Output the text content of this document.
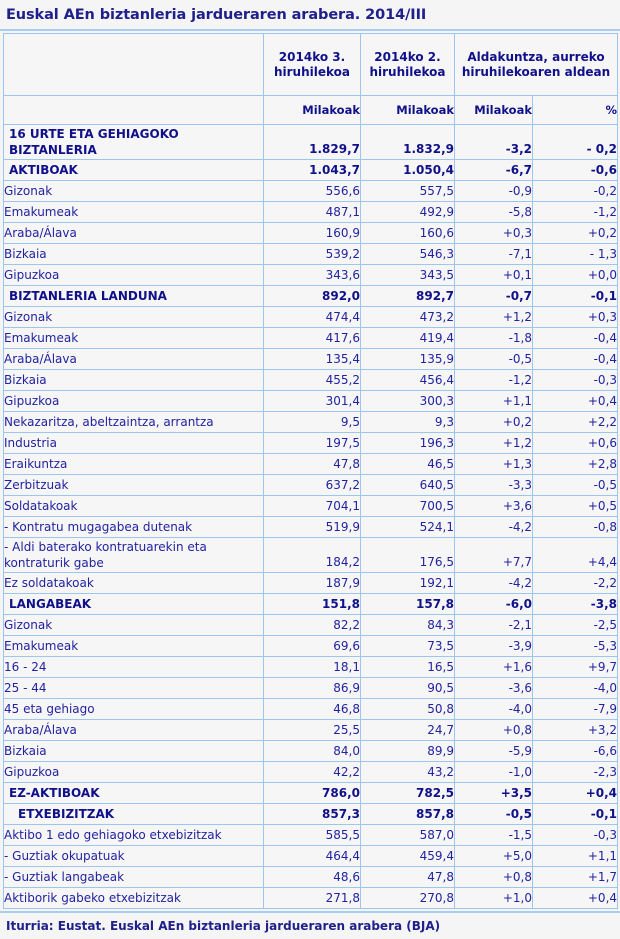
Euskal AEn biztanleria jardueraren arabera. 2014/III
	2014ko 3. hiruhilekoa	2014ko 2. hiruhilekoa	Aldakuntza, aurreko hiruhilekoaren aldean	
	Milakoak	Milakoak	Milakoak	%

16 URTE ETA GEHIAGOKO
BIZTANLERIA	1.829,7	1.832,9	-3,2	- 0,2
AKTIBOAK	1.043,7	1.050,4	-6,7	-0,6
Gizonak	556,6	557,5	-0,9	-0,2
Emakumeak	487,1	492,9	-5,8	-1,2
Araba/Álava	160,9	160,6	+0,3	+0,2
Bizkaia	539,2	546,3	-7,1	- 1,3
Gipuzkoa	343,6	343,5	+0,1	+0,0
BIZTANLERIA LANDUNA	892,0	892,7	-0,7	-0,1
Gizonak	474,4	473,2	+1,2	+0,3
Emakumeak	417,6	419,4	-1,8	-0,4
Araba/Álava	135,4	135,9	-0,5	-0,4
Bizkaia	455,2	456,4	-1,2	-0,3
Gipuzkoa	301,4	300,3	+1,1	+0,4
Nekazaritza, abeltzaintza, arrantza	9,5	9,3	+0,2	+2,2
Industria	197,5	196,3	+1,2	+0,6
Eraikuntza	47,8	46,5	+1,3	+2,8
Zerbitzuak	637,2	640,5	-3,3	-0,5
Soldatakoak	704,1	700,5	+3,6	+0,5
- Kontratu mugagabea dutenak	519,9	524,1	-4,2	-0,8

- Aldi baterako kontratuarekin eta
kontraturik gabe	184,2	176,5	+7,7	+4,4
Ez soldatakoak	187,9	192,1	-4,2	-2,2
LANGABEAK	151,8	157,8	-6,0	-3,8
Gizonak	82,2	84,3	-2,1	-2,5
Emakumeak	69,6	73,5	-3,9	-5,3
16 - 24	18,1	16,5	+1,6	+9,7
25 - 44	86,9	90,5	-3,6	-4,0
45 eta gehiago	46,8	50,8	-4,0	-7,9
Araba/Álava	25,5	24,7	+0,8	+3,2
Bizkaia	84,0	89,9	-5,9	-6,6
Gipuzkoa	42,2	43,2	-1,0	-2,3
EZ-AKTIBOAK	786,0	782,5	+3,5	+0,4
ETXEBIZITZAK	857,3	857,8	-0,5	-0,1
Aktibo 1 edo gehiagoko etxebizitzak	585,5	587,0	-1,5	-0,3
- Guztiak okupatuak	464,4	459,4	+5,0	+1,1
- Guztiak langabeak	48,6	47,8	+0,8	+1,7
Aktiborik gabeko etxebizitzak	271,8	270,8	+1,0	+0,4
Iturria: Eustat. Euskal AEn biztanleria jardueraren arabera (BJA)
